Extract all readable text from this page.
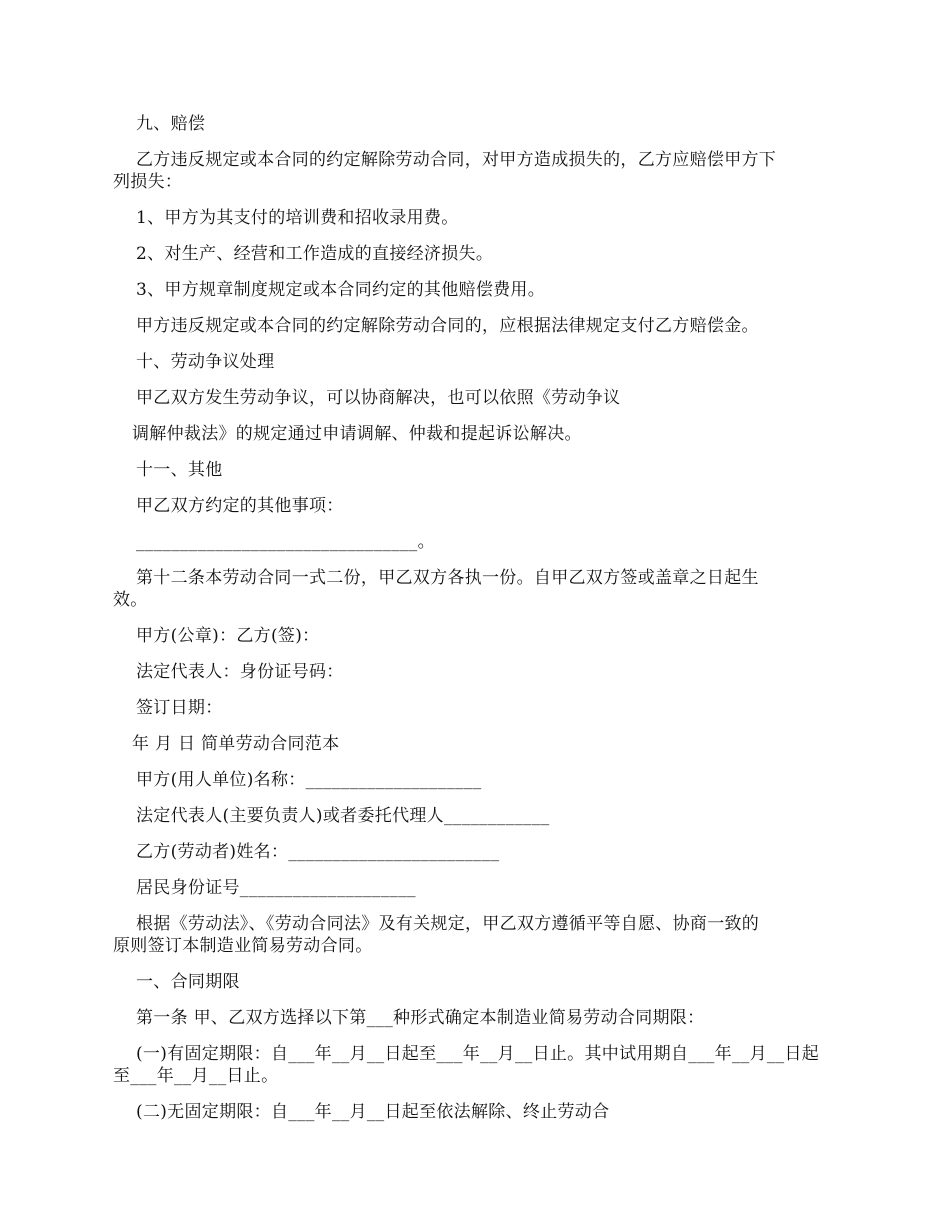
九、赔偿
乙方违反规定或本合同的约定解除劳动合同，对甲方造成损失的，乙方应赔偿甲方下
列损失：
1、甲方为其支付的培训费和招收录用费。
2、对生产、经营和工作造成的直接经济损失。
3、甲方规章制度规定或本合同约定的其他赔偿费用。
甲方违反规定或本合同的约定解除劳动合同的，应根据法律规定支付乙方赔偿金。
十、劳动争议处理
甲乙双方发生劳动争议，可以协商解决，也可以依照《劳动争议
调解仲裁法》的规定通过申请调解、仲裁和提起诉讼解决。
十一、其他
甲乙双方约定的其他事项：
________________________________。
第十二条本劳动合同一式二份，甲乙双方各执一份。自甲乙双方签或盖章之日起生
效。
甲方(公章)：乙方(签)：
法定代表人：身份证号码：
签订日期：
年 月 日 简单劳动合同范本
甲方(用人单位)名称：____________________
法定代表人(主要负责人)或者委托代理人____________
乙方(劳动者)姓名：________________________
居民身份证号____________________
根据《劳动法》、《劳动合同法》及有关规定，甲乙双方遵循平等自愿、协商一致的
原则签订本制造业简易劳动合同。
一、合同期限
第一条 甲、乙双方选择以下第___种形式确定本制造业简易劳动合同期限：
(一)有固定期限：自___年__月__日起至___年__月__日止。其中试用期自___年__月__日起
至___年__月__日止。
(二)无固定期限：自___年__月__日起至依法解除、终止劳动合
